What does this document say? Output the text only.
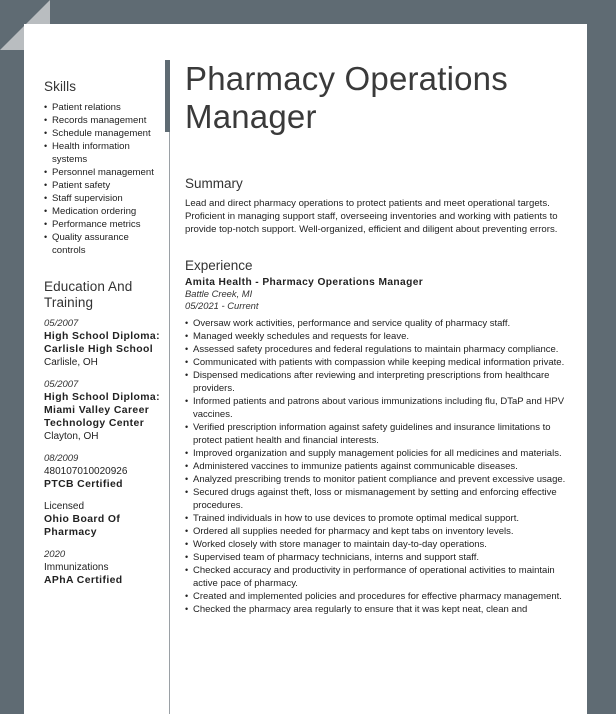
Skills
• Patient relations
• Records management
• Schedule management
• Health information systems
• Personnel management
• Patient safety
• Staff supervision
• Medication ordering
• Performance metrics
• Quality assurance controls
Education And Training
05/2007
High School Diploma: Carlisle High School
Carlisle, OH
05/2007
High School Diploma: Miami Valley Career Technology Center
Clayton, OH
08/2009
480107010020926
PTCB Certified
Licensed
Ohio Board Of Pharmacy
2020
Immunizations
APhA Certified
Pharmacy Operations Manager
Summary
Lead and direct pharmacy operations to protect patients and meet operational targets. Proficient in managing support staff, overseeing inventories and working with patients to provide top-notch support. Well-organized, efficient and diligent about preventing errors.
Experience
Amita Health - Pharmacy Operations Manager
Battle Creek, MI
05/2021 - Current
• Oversaw work activities, performance and service quality of pharmacy staff.
• Managed weekly schedules and requests for leave.
• Assessed safety procedures and federal regulations to maintain pharmacy compliance.
• Communicated with patients with compassion while keeping medical information private.
• Dispensed medications after reviewing and interpreting prescriptions from healthcare providers.
• Informed patients and patrons about various immunizations including flu, DTaP and HPV vaccines.
• Verified prescription information against safety guidelines and insurance limitations to protect patient health and financial interests.
• Improved organization and supply management policies for all medicines and materials.
• Administered vaccines to immunize patients against communicable diseases.
• Analyzed prescribing trends to monitor patient compliance and prevent excessive usage.
• Secured drugs against theft, loss or mismanagement by setting and enforcing effective procedures.
• Trained individuals in how to use devices to promote optimal medical support.
• Ordered all supplies needed for pharmacy and kept tabs on inventory levels.
• Worked closely with store manager to maintain day-to-day operations.
• Supervised team of pharmacy technicians, interns and support staff.
• Checked accuracy and productivity in performance of operational activities to maintain active pace of pharmacy.
• Created and implemented policies and procedures for effective pharmacy management.
• Checked the pharmacy area regularly to ensure that it was kept neat, clean and
